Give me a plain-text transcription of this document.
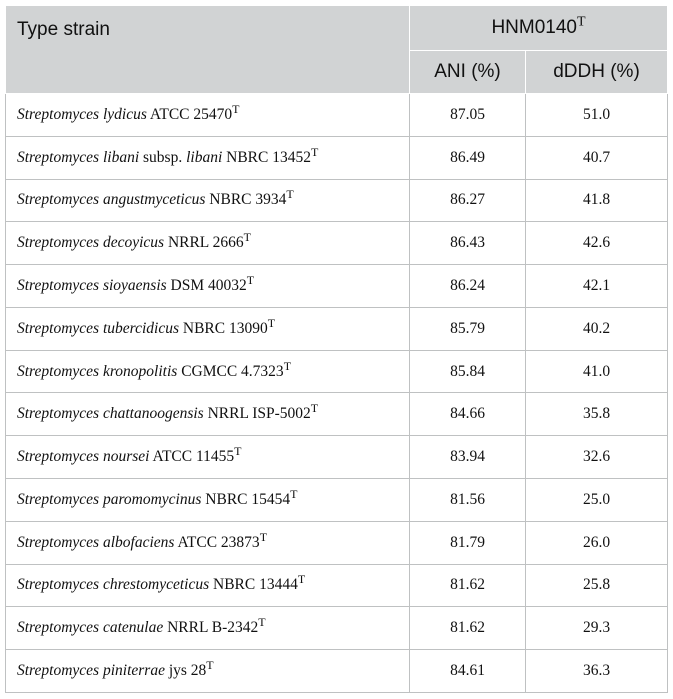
Type strain	$HNM0140^T$
	ANI (%)	dDDH (%)
Streptomyces lydicus ATCC $25470^T$	87.05	51.0
Streptomyces libani subsp. libani NBRC $13452^T$	86.49	40.7
Streptomyces angustmyceticus NBRC $3934^T$	86.27	41.8
Streptomyces decoyicus NRRL $2666^T$	86.43	42.6
Streptomyces sioyaensis DSM $40032^T$	86.24	42.1
Streptomyces tubercidicus NBRC $13090^T$	85.79	40.2
Streptomyces kronopolitis CGMCC $4.7323^T$	85.84	41.0
Streptomyces chattanoogensis NRRL ISP-$5002^T$	84.66	35.8
Streptomyces noursei ATCC $11455^T$	83.94	32.6
Streptomyces paromomycinus NBRC $15454^T$	81.56	25.0
Streptomyces albofaciens ATCC $23873^T$	81.79	26.0
Streptomyces chrestomyceticus NBRC $13444^T$	81.62	25.8
Streptomyces catenulae NRRL $B-2342^T$	81.62	29.3
Streptomyces piniterrae jys $28^T$	84.61	36.3
